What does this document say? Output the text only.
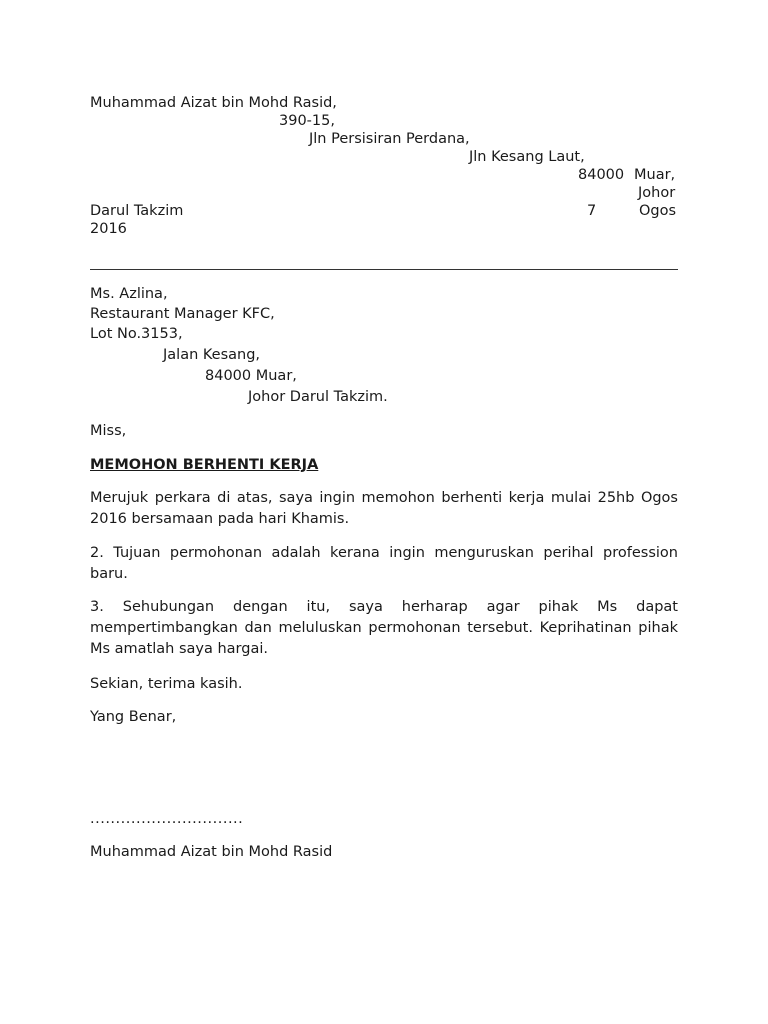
Muhammad Aizat bin Mohd Rasid,
390-15,
Jln Persisiran Perdana,
Jln Kesang Laut,
84000 Muar,
Johor
Darul Takzim	7	Ogos
2016
Ms. Azlina,
Restaurant Manager KFC,
Lot No.3153,
Jalan Kesang,
84000 Muar,
Johor Darul Takzim.
Miss,
MEMOHON BERHENTI KERJA
Merujuk perkara di atas, saya ingin memohon berhenti kerja mulai 25hb Ogos 2016 bersamaan pada hari Khamis.
2. Tujuan permohonan adalah kerana ingin menguruskan perihal profession baru.
3. Sehubungan dengan itu, saya herharap agar pihak Ms dapat mempertimbangkan dan meluluskan permohonan tersebut. Keprihatinan pihak Ms amatlah saya hargai.
Sekian, terima kasih.
Yang Benar,
..............................
Muhammad Aizat bin Mohd Rasid
